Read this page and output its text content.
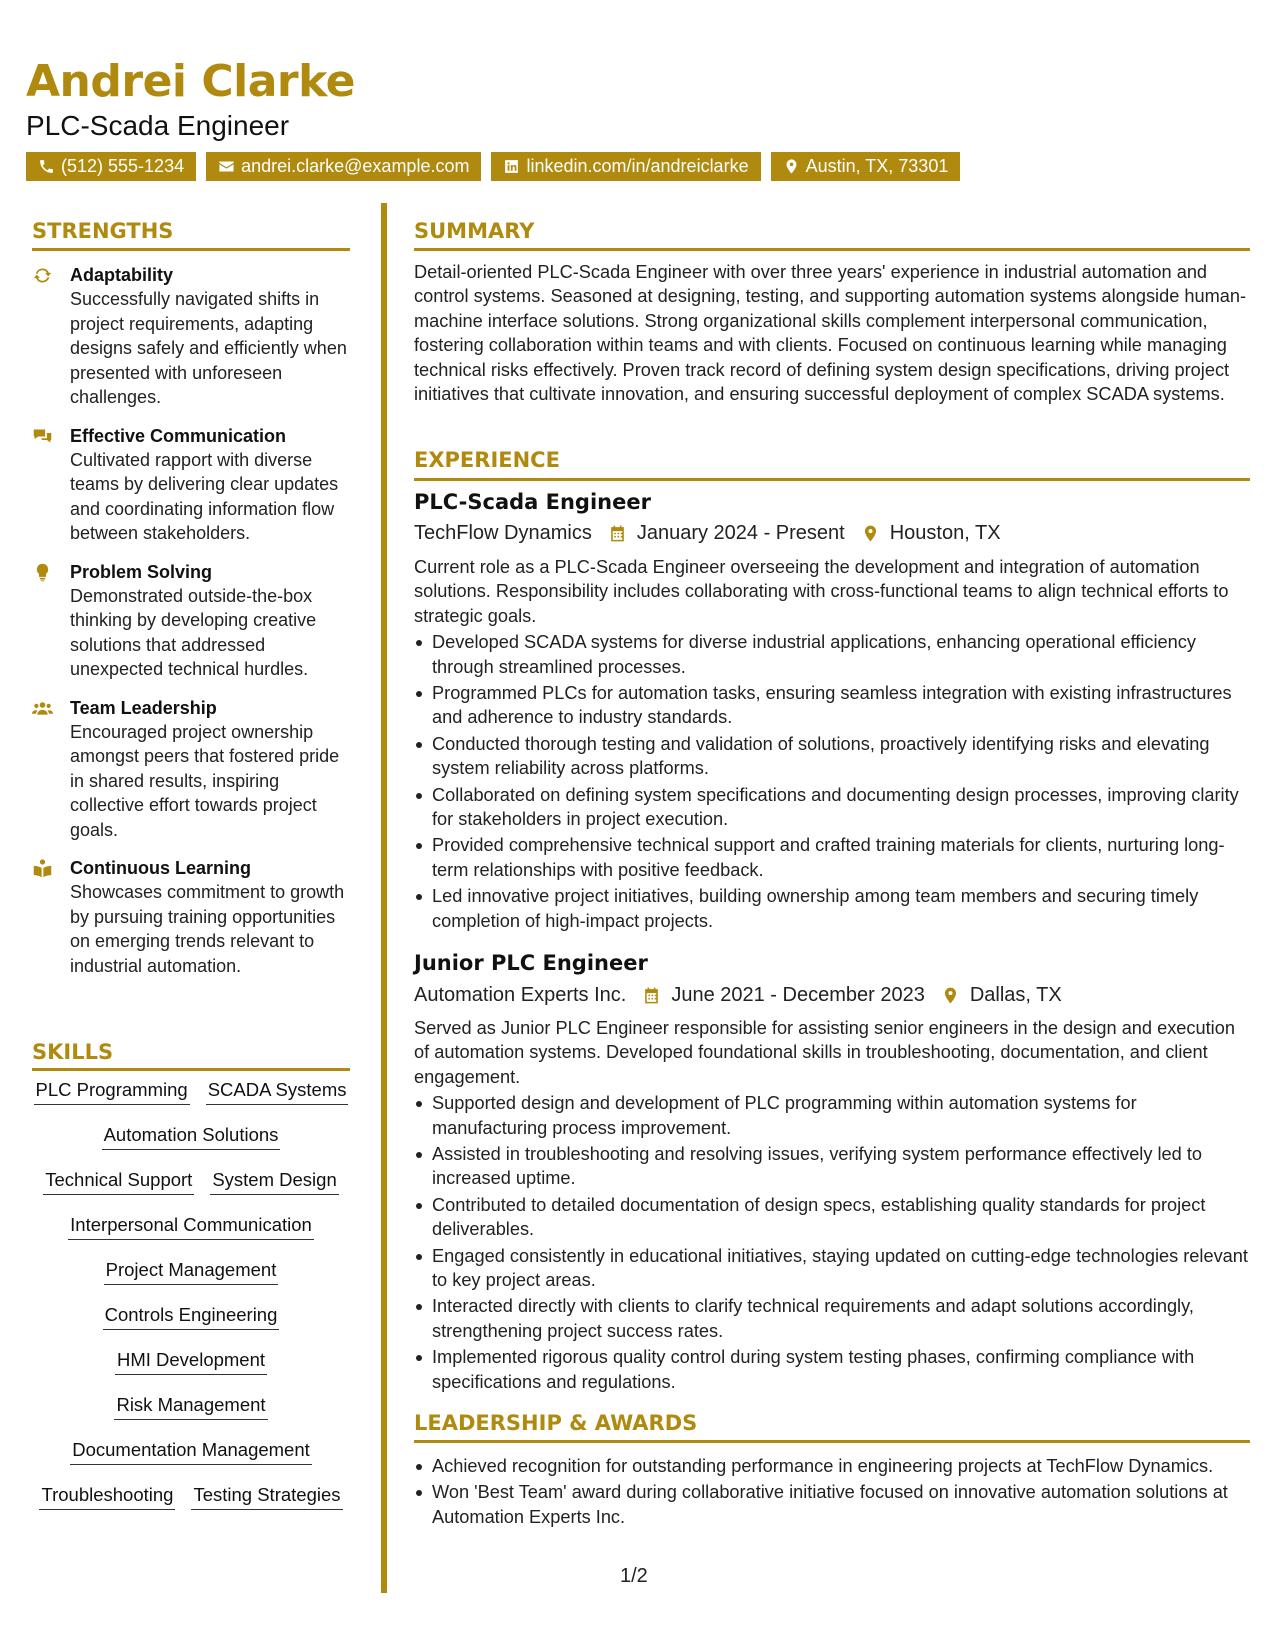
Andrei Clarke
PLC-Scada Engineer
(512) 555-1234	andrei.clarke@example.com	linkedin.com/in/andreiclarke	Austin, TX, 73301
STRENGTHS
Adaptability
Successfully navigated shifts in project requirements, adapting designs safely and efficiently when presented with unforeseen challenges.
Effective Communication
Cultivated rapport with diverse teams by delivering clear updates and coordinating information flow between stakeholders.
Problem Solving
Demonstrated outside-the-box thinking by developing creative solutions that addressed unexpected technical hurdles.
Team Leadership
Encouraged project ownership amongst peers that fostered pride in shared results, inspiring collective effort towards project goals.
Continuous Learning
Showcases commitment to growth by pursuing training opportunities on emerging trends relevant to industrial automation.
SKILLS
PLC Programming SCADA Systems
Automation Solutions
Technical Support System Design
Interpersonal Communication
Project Management
Controls Engineering
HMI Development
Risk Management
Documentation Management
Troubleshooting Testing Strategies
SUMMARY
Detail-oriented PLC-Scada Engineer with over three years' experience in industrial automation and control systems. Seasoned at designing, testing, and supporting automation systems alongside human-machine interface solutions. Strong organizational skills complement interpersonal communication, fostering collaboration within teams and with clients. Focused on continuous learning while managing technical risks effectively. Proven track record of defining system design specifications, driving project initiatives that cultivate innovation, and ensuring successful deployment of complex SCADA systems.
EXPERIENCE
PLC-Scada Engineer
TechFlow Dynamics January 2024 - Present Houston, TX
Current role as a PLC-Scada Engineer overseeing the development and integration of automation solutions. Responsibility includes collaborating with cross-functional teams to align technical efforts to strategic goals.
Developed SCADA systems for diverse industrial applications, enhancing operational efficiency through streamlined processes.
Programmed PLCs for automation tasks, ensuring seamless integration with existing infrastructures and adherence to industry standards.
Conducted thorough testing and validation of solutions, proactively identifying risks and elevating system reliability across platforms.
Collaborated on defining system specifications and documenting design processes, improving clarity for stakeholders in project execution.
Provided comprehensive technical support and crafted training materials for clients, nurturing long-term relationships with positive feedback.
Led innovative project initiatives, building ownership among team members and securing timely completion of high-impact projects.
Junior PLC Engineer
Automation Experts Inc. June 2021 - December 2023 Dallas, TX
Served as Junior PLC Engineer responsible for assisting senior engineers in the design and execution of automation systems. Developed foundational skills in troubleshooting, documentation, and client engagement.
Supported design and development of PLC programming within automation systems for manufacturing process improvement.
Assisted in troubleshooting and resolving issues, verifying system performance effectively led to increased uptime.
Contributed to detailed documentation of design specs, establishing quality standards for project deliverables.
Engaged consistently in educational initiatives, staying updated on cutting-edge technologies relevant to key project areas.
Interacted directly with clients to clarify technical requirements and adapt solutions accordingly, strengthening project success rates.
Implemented rigorous quality control during system testing phases, confirming compliance with specifications and regulations.
LEADERSHIP & AWARDS
Achieved recognition for outstanding performance in engineering projects at TechFlow Dynamics.
Won 'Best Team' award during collaborative initiative focused on innovative automation solutions at Automation Experts Inc.
1/2
